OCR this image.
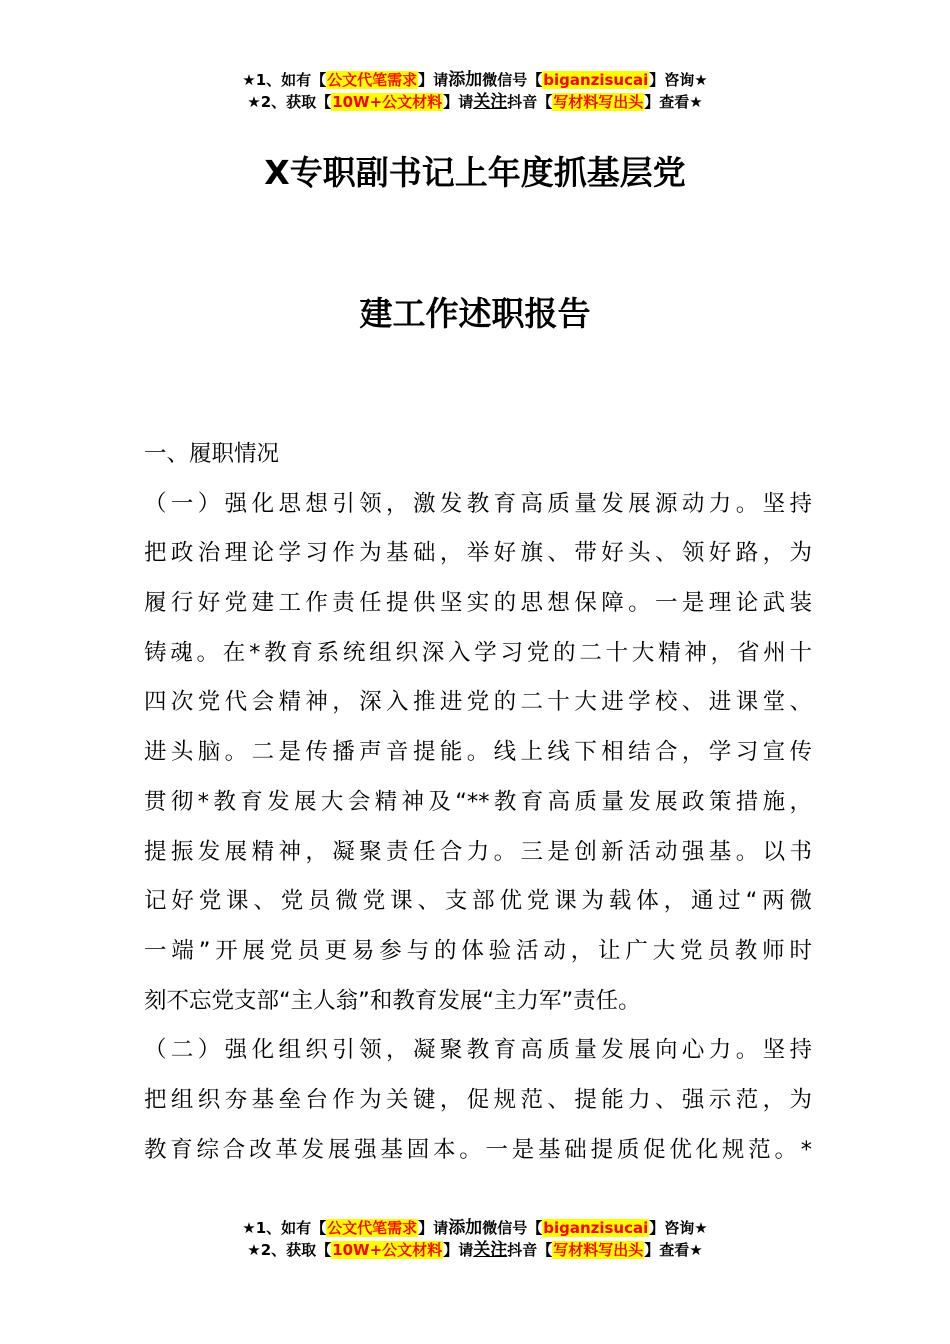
★1、如有【公文代笔需求】请添加微信号【biganzisucai】咨询★
★2、获取【10W+公文材料】请关注抖音【写材料写出头】查看★
X专职副书记上年度抓基层党
建工作述职报告
一、履职情况
（一）强化思想引领，激发教育高质量发展源动力。坚持
把政治理论学习作为基础，举好旗、带好头、领好路，为
履行好党建工作责任提供坚实的思想保障。一是理论武装
铸魂。在*教育系统组织深入学习党的二十大精神，省州十
四次党代会精神，深入推进党的二十大进学校、进课堂、
进头脑。二是传播声音提能。线上线下相结合，学习宣传
贯彻*教育发展大会精神及“**教育高质量发展政策措施，
提振发展精神，凝聚责任合力。三是创新活动强基。以书
记好党课、党员微党课、支部优党课为载体，通过“两微
一端”开展党员更易参与的体验活动，让广大党员教师时
刻不忘党支部“主人翁”和教育发展“主力军”责任。
（二）强化组织引领，凝聚教育高质量发展向心力。坚持
把组织夯基垒台作为关键，促规范、提能力、强示范，为
教育综合改革发展强基固本。一是基础提质促优化规范。*
★1、如有【公文代笔需求】请添加微信号【biganzisucai】咨询★
★2、获取【10W+公文材料】请关注抖音【写材料写出头】查看★
